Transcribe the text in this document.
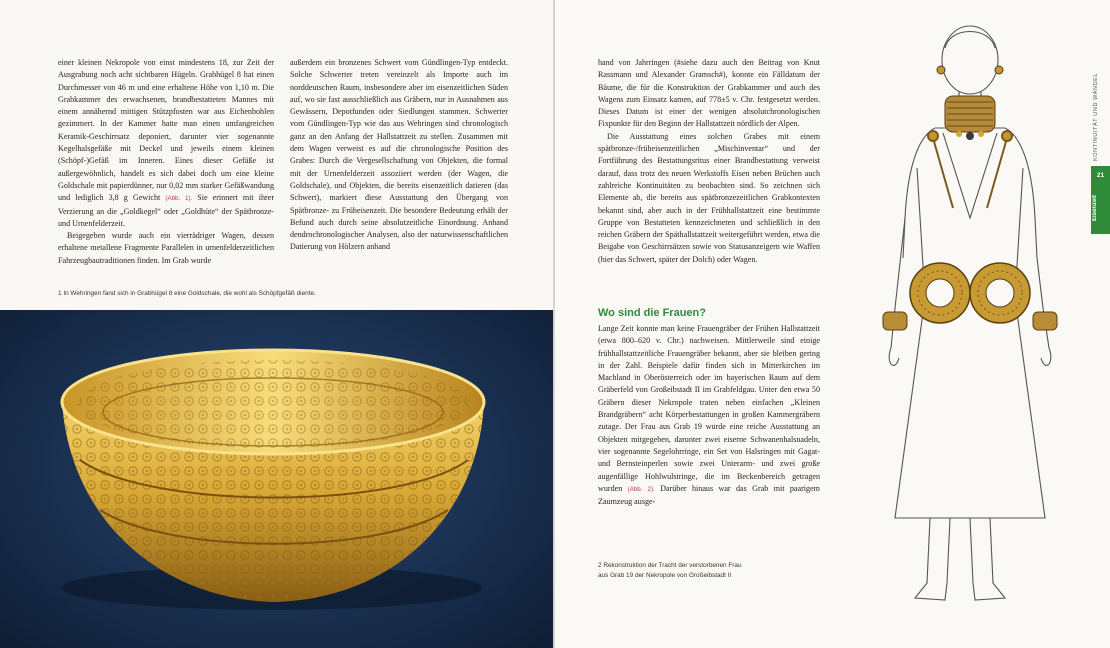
einer kleinen Nekropole von einst mindestens 18, zur Zeit der Ausgrabung noch acht sichtbaren Hügeln. Grabhügel 8 hat einen Durchmesser von 46 m und eine erhaltene Höhe von 1,10 m. Die Grabkammer des erwachsenen, brandbestatteten Mannes mit einem annähernd mittigen Stützpfosten war aus Eichenbohlen gezimmert. In der Kammer hatte man einen umfangreichen Keramik-Geschirrsatz deponiert, darunter vier sogenannte Kegelhalsgefäße mit Deckel und jeweils einem kleinen (Schöpf-)Gefäß im Inneren. Eines dieser Gefäße ist außergewöhnlich, handelt es sich dabei doch um eine kleine Goldschale mit papierdünner, nur 0,02 mm starker Gefäßwandung und lediglich 3,8 g Gewicht (Abb. 1). Sie erinnert mit ihrer Verzierung an die „Goldkegel“ oder „Goldhüte“ der Spätbronze- und Urnenfelderzeit.

Beigegeben wurde auch ein vierrädriger Wagen, dessen erhaltene metallene Fragmente Parallelen in urnenfelderzeitlichen Fahrzeugbautraditionen finden. Im Grab wurde

außerdem ein bronzenes Schwert vom Gündlingen-Typ entdeckt. Solche Schwerter treten vereinzelt als Importe auch im norddeutschen Raum, insbesondere aber im eisenzeitlichen Süden auf, wo sie fast ausschließlich aus Gräbern, nur in Ausnahmen aus Gewässern, Depotfunden oder Siedlungen stammen. Schwerter vom Gündlingen-Typ wie das aus Wehringen sind chronologisch ganz an den Anfang der Hallstattzeit zu stellen. Zusammen mit dem Wagen verweist es auf die chronologische Position des Grabes: Durch die Vergesellschaftung von Objekten, die formal mit der Urnenfelderzeit assoziiert werden (der Wagen, die Goldschale), und Objekten, die bereits eisenzeitlich datieren (das Schwert), markiert diese Ausstattung den Übergang von Spätbronze- zu Früheisenzeit. Die besondere Bedeutung erhält der Befund auch durch seine absolutzeitliche Einordnung. Anhand dendrochronologischer Analysen, also der naturwissenschaftlichen Datierung von Hölzern anhand

1 In Wehringen fand sich in Grabhügel 8 eine Goldschale, die wohl als Schöpfgefäß diente.

hand von Jahrringen (#siehe dazu auch den Beitrag von Knut Rassmann und Alexander Gramsch#), konnte ein Fälldatum der Bäume, die für die Konstruktion der Grabkammer und auch des Wagens zum Einsatz kamen, auf 778±5 v. Chr. festgesetzt werden. Dieses Datum ist einer der wenigen absolutchronologischen Fixpunkte für den Beginn der Hallstattzeit nördlich der Alpen.

Die Ausstattung eines solchen Grabes mit einem spätbronze-/früheisenzeitlichen „Mischinventar“ und der Fortführung des Bestattungsritus einer Brandbestattung verweist darauf, dass trotz des neuen Werkstoffs Eisen neben Brüchen auch zahlreiche Kontinuitäten zu beobachten sind. So zeichnen sich Elemente ab, die bereits aus spätbronzezeitlichen Grabkontexten bekannt sind, aber auch in der Frühhallstattzeit eine bestimmte Gruppe von Bestatteten kennzeichneten und schließlich in den reichen Gräbern der Späthallstattzeit weitergeführt werden, etwa die Beigabe von Geschirrsätzen sowie von Statusanzeigern wie Waffen (hier das Schwert, später der Dolch) oder Wagen.

Wo sind die Frauen?

Lange Zeit konnte man keine Frauengräber der Frühen Hallstattzeit (etwa 800–620 v. Chr.) nachweisen. Mittlerweile sind einige frühhallstattzeitliche Frauengräber bekannt, aber sie bleiben gering in der Zahl. Beispiele dafür finden sich in Mitterkirchen im Machland in Oberösterreich oder im bayerischen Raum auf dem Gräberfeld von Großeibstadt II im Grabfeldgau. Unter den etwa 50 Gräbern dieser Nekropole traten neben einfachen „Kleinen Brandgräbern“ acht Körperbestattungen in großen Kammergräbern zutage. Der Frau aus Grab 19 wurde eine reiche Ausstattung an Objekten mitgegeben, darunter zwei eiserne Schwanenhalsnadeln, vier sogenannte Segelohrringe, ein Set von Halsringen mit Gagat- und Bernsteinperlen sowie zwei Unterarm- und zwei große augenfällige Hohlwulstringe, die im Beckenbereich getragen wurden (Abb. 2). Darüber hinaus war das Grab mit paarigem Zaumzeug ausge-

2 Rekonstruktion der Tracht der verstorbenen Frau
aus Grab 19 der Nekropole von Großeibstadt II
KONTINUITÄT UND WANDEL
21
Eisenzeit
